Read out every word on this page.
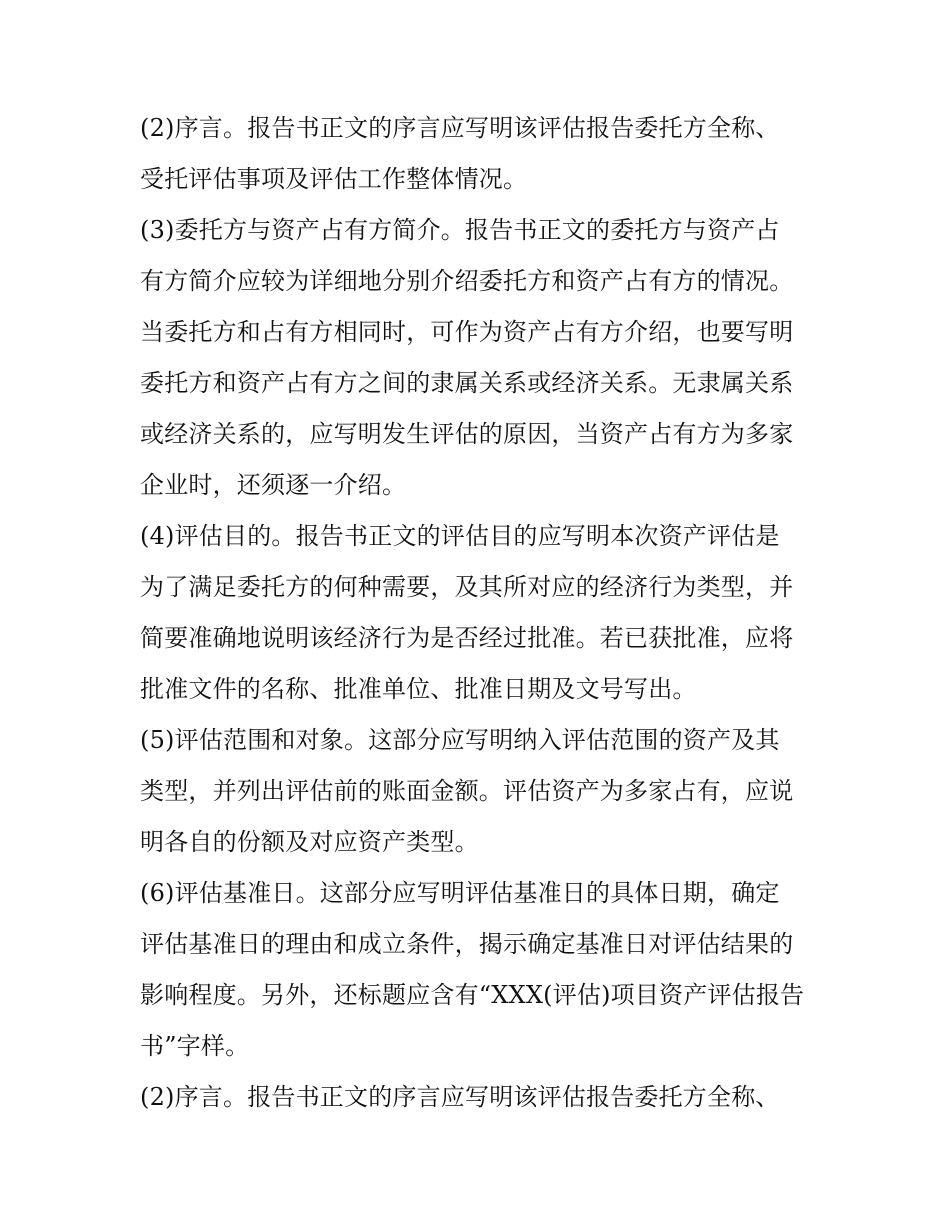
(2)序言。报告书正文的序言应写明该评估报告委托方全称、
受托评估事项及评估工作整体情况。
(3)委托方与资产占有方简介。报告书正文的委托方与资产占
有方简介应较为详细地分别介绍委托方和资产占有方的情况。
当委托方和占有方相同时，可作为资产占有方介绍，也要写明
委托方和资产占有方之间的隶属关系或经济关系。无隶属关系
或经济关系的，应写明发生评估的原因，当资产占有方为多家
企业时，还须逐一介绍。
(4)评估目的。报告书正文的评估目的应写明本次资产评估是
为了满足委托方的何种需要，及其所对应的经济行为类型，并
简要准确地说明该经济行为是否经过批准。若已获批准，应将
批准文件的名称、批准单位、批准日期及文号写出。
(5)评估范围和对象。这部分应写明纳入评估范围的资产及其
类型，并列出评估前的账面金额。评估资产为多家占有，应说
明各自的份额及对应资产类型。
(6)评估基准日。这部分应写明评估基准日的具体日期，确定
评估基准日的理由和成立条件，揭示确定基准日对评估结果的
影响程度。另外，还标题应含有“XXX(评估)项目资产评估报告
书”字样。
(2)序言。报告书正文的序言应写明该评估报告委托方全称、
